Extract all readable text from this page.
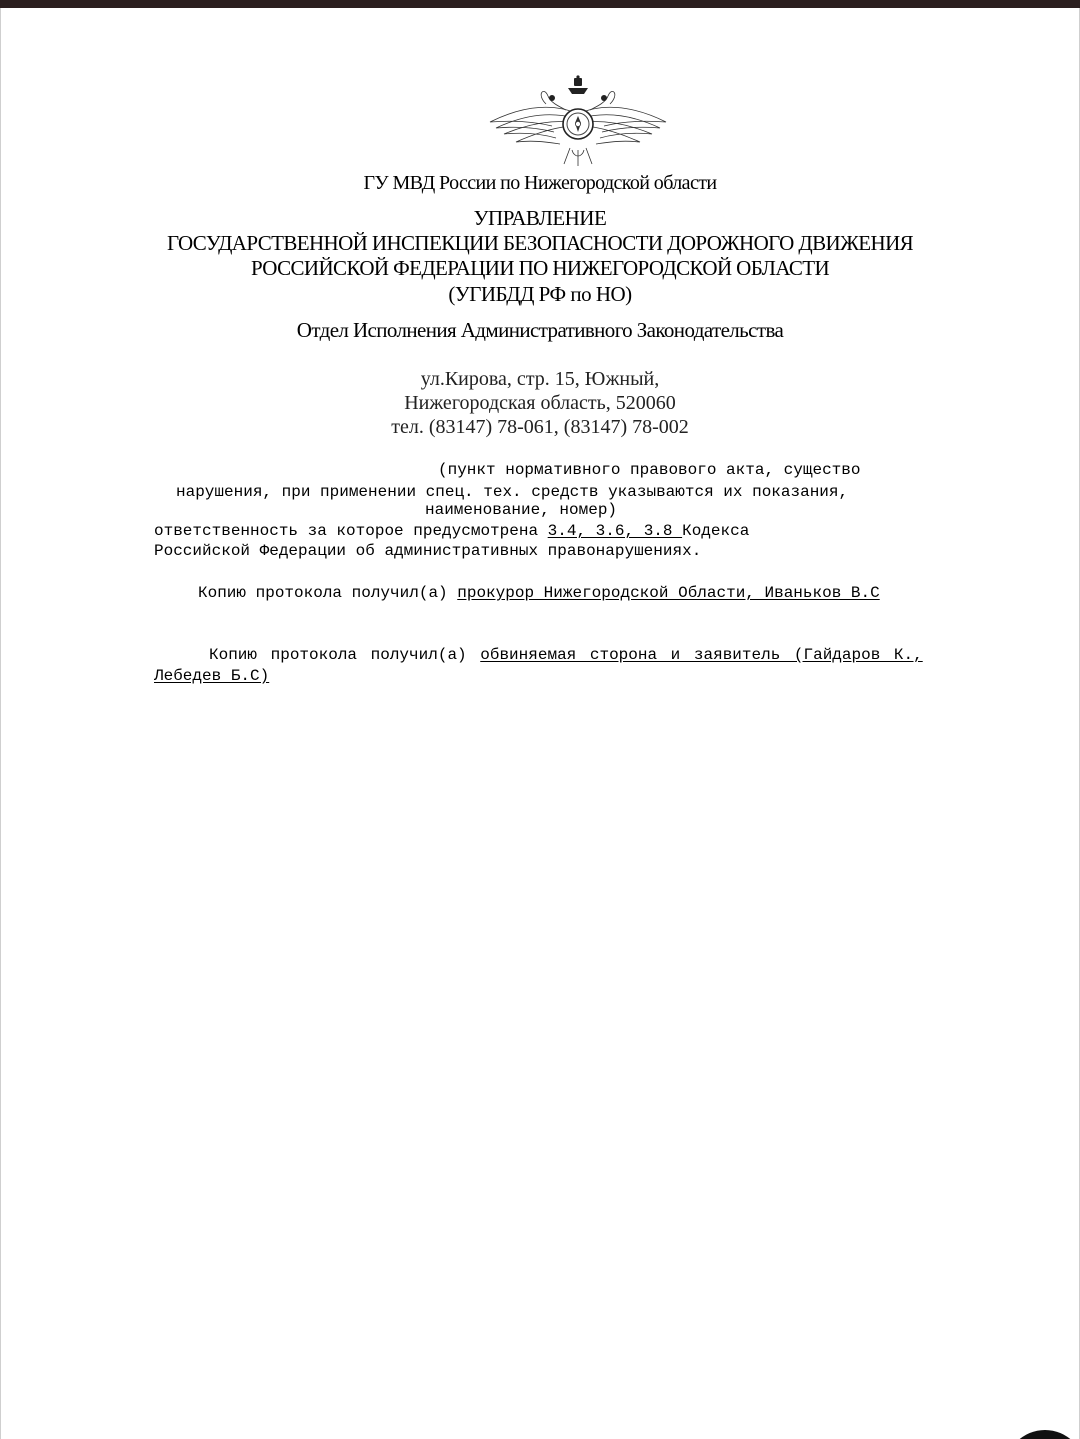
ГУ МВД России по Нижегородской области
УПРАВЛЕНИЕ
ГОСУДАРСТВЕННОЙ ИНСПЕКЦИИ БЕЗОПАСНОСТИ ДОРОЖНОГО ДВИЖЕНИЯ
РОССИЙСКОЙ ФЕДЕРАЦИИ ПО НИЖЕГОРОДСКОЙ ОБЛАСТИ
(УГИБДД РФ по НО)
Отдел Исполнения Административного Законодательства
ул.Кирова, стр. 15, Южный,
Нижегородская область, 520060
тел. (83147) 78-061, (83147) 78-002
(пункт нормативного правового акта, существо
нарушения, при применении спец. тех. средств указываются их показания,
наименование, номер)
ответственность за которое предусмотрена 3.4, 3.6, 3.8 Кодекса
Российской Федерации об административных правонарушениях.
Копию протокола получил(а) прокурор Нижегородской Области, Иваньков В.С
Копию протокола получил(а) обвиняемая сторона и заявитель (Гайдаров К.,
Лебедев Б.С)
